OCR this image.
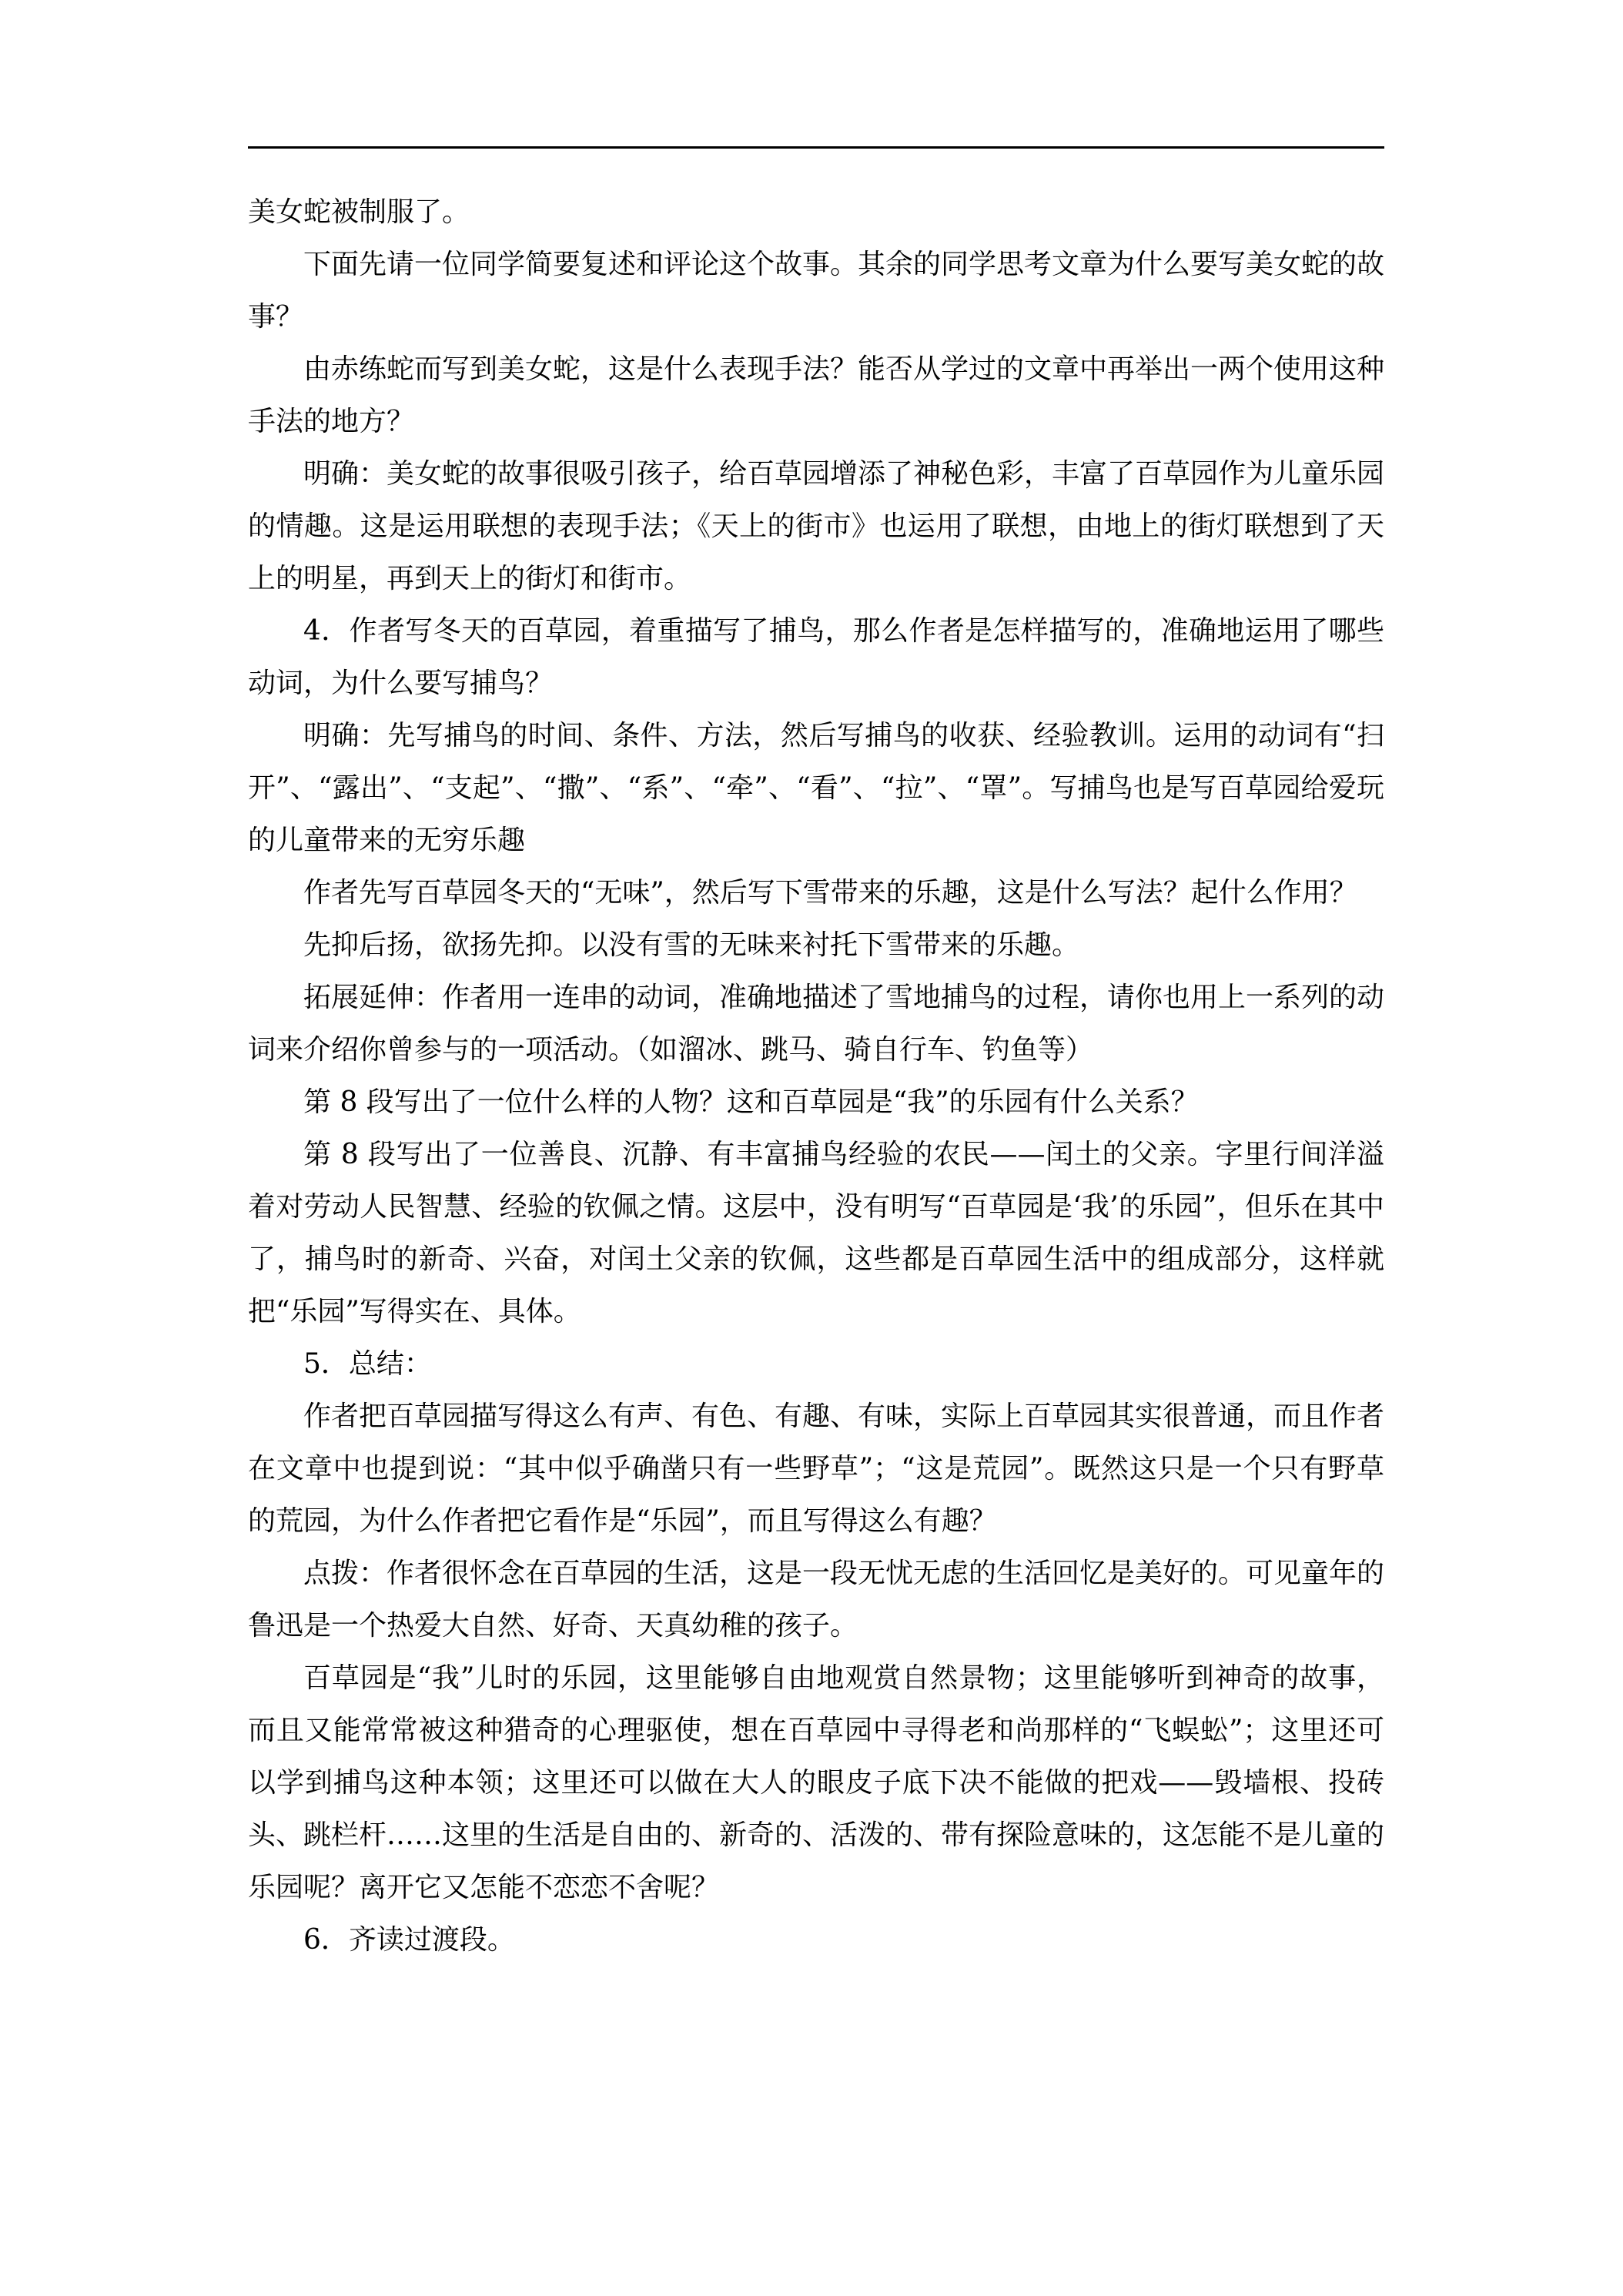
美女蛇被制服了。

下面先请一位同学简要复述和评论这个故事。其余的同学思考文章为什么要写美女蛇的故事？

由赤练蛇而写到美女蛇，这是什么表现手法？能否从学过的文章中再举出一两个使用这种手法的地方？

明确：美女蛇的故事很吸引孩子，给百草园增添了神秘色彩，丰富了百草园作为儿童乐园的情趣。这是运用联想的表现手法；《天上的街市》也运用了联想，由地上的街灯联想到了天上的明星，再到天上的街灯和街市。

4．作者写冬天的百草园，着重描写了捕鸟，那么作者是怎样描写的，准确地运用了哪些动词，为什么要写捕鸟？

明确：先写捕鸟的时间、条件、方法，然后写捕鸟的收获、经验教训。运用的动词有“扫开”、“露出”、“支起”、“撒”、“系”、“牵”、“看”、“拉”、“罩”。写捕鸟也是写百草园给爱玩的儿童带来的无穷乐趣

作者先写百草园冬天的“无味”，然后写下雪带来的乐趣，这是什么写法？起什么作用？

先抑后扬，欲扬先抑。以没有雪的无味来衬托下雪带来的乐趣。

拓展延伸：作者用一连串的动词，准确地描述了雪地捕鸟的过程，请你也用上一系列的动词来介绍你曾参与的一项活动。（如溜冰、跳马、骑自行车、钓鱼等）

第 8 段写出了一位什么样的人物？这和百草园是“我”的乐园有什么关系？

第 8 段写出了一位善良、沉静、有丰富捕鸟经验的农民——闰土的父亲。字里行间洋溢着对劳动人民智慧、经验的钦佩之情。这层中，没有明写“百草园是‘我’的乐园”，但乐在其中了，捕鸟时的新奇、兴奋，对闰土父亲的钦佩，这些都是百草园生活中的组成部分，这样就把“乐园”写得实在、具体。

5．总结：

作者把百草园描写得这么有声、有色、有趣、有味，实际上百草园其实很普通，而且作者在文章中也提到说：“其中似乎确凿只有一些野草”；“这是荒园”。既然这只是一个只有野草的荒园，为什么作者把它看作是“乐园”，而且写得这么有趣？

点拨：作者很怀念在百草园的生活，这是一段无忧无虑的生活回忆是美好的。可见童年的鲁迅是一个热爱大自然、好奇、天真幼稚的孩子。

百草园是“我”儿时的乐园，这里能够自由地观赏自然景物；这里能够听到神奇的故事，而且又能常常被这种猎奇的心理驱使，想在百草园中寻得老和尚那样的“飞蜈蚣”；这里还可以学到捕鸟这种本领；这里还可以做在大人的眼皮子底下决不能做的把戏——毁墙根、投砖头、跳栏杆……这里的生活是自由的、新奇的、活泼的、带有探险意味的，这怎能不是儿童的乐园呢？离开它又怎能不恋恋不舍呢？

6．齐读过渡段。
